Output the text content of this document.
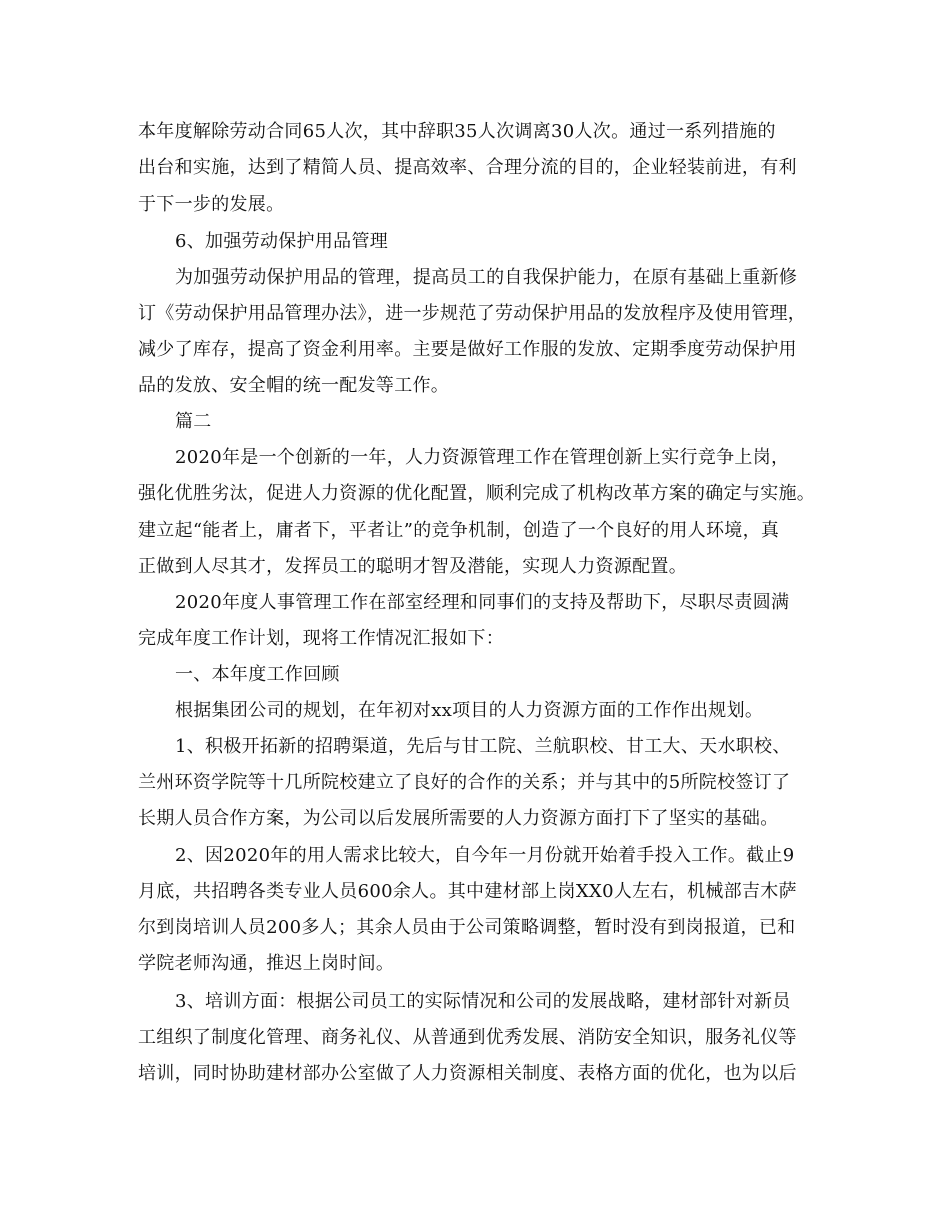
本年度解除劳动合同65人次，其中辞职35人次调离30人次。通过一系列措施的
出台和实施，达到了精简人员、提高效率、合理分流的目的，企业轻装前进，有利
于下一步的发展。
6、加强劳动保护用品管理
为加强劳动保护用品的管理，提高员工的自我保护能力，在原有基础上重新修
订《劳动保护用品管理办法》，进一步规范了劳动保护用品的发放程序及使用管理，
减少了库存，提高了资金利用率。主要是做好工作服的发放、定期季度劳动保护用
品的发放、安全帽的统一配发等工作。
篇二
2020年是一个创新的一年，人力资源管理工作在管理创新上实行竞争上岗，
强化优胜劣汰，促进人力资源的优化配置，顺利完成了机构改革方案的确定与实施。
建立起“能者上，庸者下，平者让”的竞争机制，创造了一个良好的用人环境，真
正做到人尽其才，发挥员工的聪明才智及潜能，实现人力资源配置。
2020年度人事管理工作在部室经理和同事们的支持及帮助下，尽职尽责圆满
完成年度工作计划，现将工作情况汇报如下：
一、本年度工作回顾
根据集团公司的规划，在年初对xx项目的人力资源方面的工作作出规划。
1、积极开拓新的招聘渠道，先后与甘工院、兰航职校、甘工大、天水职校、
兰州环资学院等十几所院校建立了良好的合作的关系；并与其中的5所院校签订了
长期人员合作方案，为公司以后发展所需要的人力资源方面打下了坚实的基础。
2、因2020年的用人需求比较大，自今年一月份就开始着手投入工作。截止9
月底，共招聘各类专业人员600余人。其中建材部上岗XX0人左右，机械部吉木萨
尔到岗培训人员200多人；其余人员由于公司策略调整，暂时没有到岗报道，已和
学院老师沟通，推迟上岗时间。
3、培训方面：根据公司员工的实际情况和公司的发展战略，建材部针对新员
工组织了制度化管理、商务礼仪、从普通到优秀发展、消防安全知识，服务礼仪等
培训，同时协助建材部办公室做了人力资源相关制度、表格方面的优化，也为以后
